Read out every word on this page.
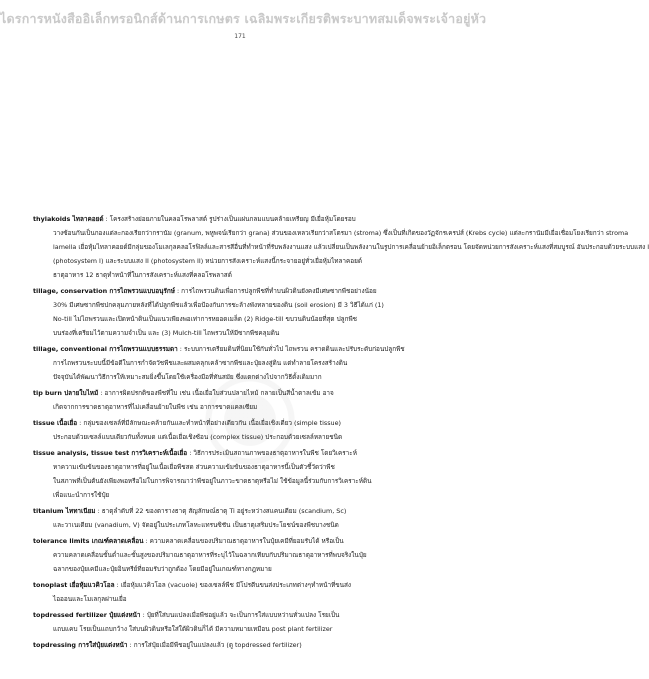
ไดรการหนังสืออิเล็กทรอนิกส์ด้านการเกษตร เฉลิมพระเกียรติพระบาทสมเด็จพระเจ้าอยู่หัว
171
thylakoids ไทลาคอยด์ : โครงสร้างย่อยภายในคลอโรพลาสต์ รูปร่างเป็นแผ่นกลมแบนคล้ายเหรียญ มีเยื่อหุ้มโดยรอบ
วางซ้อนกันเป็นกองแต่ละกองเรียกว่ากรานัม (granum, พหูพจน์เรียกว่า grana) ส่วนของเหลวเรียกว่าสโตรมา (stroma) ซึ่งเป็นที่เกิดของวัฏจักรเครปส์ (Krebs cycle) แต่ละกรานัมมีเยื่อเชื่อมโยงเรียกว่า stroma
lamella เยื่อหุ้มไทลาคอยด์มีกลุ่มของโมเลกุลคลอโรฟิลล์และสารสีอื่นที่ทำหน้าที่รับพลังงานแสง แล้วเปลี่ยนเป็นพลังงานในรูปการเคลื่อนย้ายอิเล็กตรอน โดยจัดหน่วยการสังเคราะห์แสงที่สมบูรณ์ อันประกอบด้วยระบบแสง I
(photosystem I) และระบบแสง II (photosystem II) หน่วยการสังเคราะห์แสงนี้กระจายอยู่ทั่วเยื่อหุ้มไทลาคอยด์
ธาตุอาหาร 12 ธาตุทำหน้าที่ในการสังเคราะห์แสงที่คลอโรพลาสต์
tillage, conservation การไถพรวนแบบอนุรักษ์ : การไถพรวนดินเพื่อการปลูกพืชที่ทำบนผิวดินยังคงมีเศษซากพืชอย่างน้อย
30% มีเศษซากพืชปกคลุมภายหลังที่ได้ปลูกพืชแล้วเพื่อป้องกันการชะล้างพังทลายของดิน (soil erosion) มี 3 วิธีได้แก่ (1)
No-till ไม่ไถพรวนและเปิดหน้าดินเป็นแนวเพียงพอเท่าการหยอดเมล็ด (2) Ridge-till ขบวนดินน้อยที่สุด ปลูกพืช
บนร่องที่เตรียมไว้ตามความจำเป็น และ (3) Mulch-till ไถพรวนให้มีซากพืชคลุมดิน
tillage, conventional การไถพรวนแบบธรรมดา : ระบบการเตรียมดินที่นิยมใช้กันทั่วไป ไถพรวน คราดดินและปรับระดับก่อนปลูกพืช
การไถพรวนระบบนี้มีข้อดีในการกำจัดวัชพืชและผสมคลุกเคล้าซากพืชและปุ๋ยลงสู่ดิน แต่ทำลายโครงสร้างดิน
ปัจจุบันได้พัฒนาวิธีการให้เหมาะสมยิ่งขึ้นโดยใช้เครื่องมือที่ทันสมัย ซึ่งแตกต่างไปจากวิธีดั้งเดิมมาก
tip burn ปลายใบไหม้ : อาการผิดปรกติของพืชที่ใบ เช่น เนื้อเยื่อใบส่วนปลายไหม้ กลายเป็นสีน้ำตาลเข้ม อาจ
เกิดจากการขาดธาตุอาหารที่ไม่เคลื่อนย้ายในพืช เช่น อาการขาดแคลเซียม
tissue เนื้อเยื่อ : กลุ่มของเซลล์ที่มีลักษณะคล้ายกันและทำหน้าที่อย่างเดียวกัน เนื้อเยื่อเชิงเดี่ยว (simple tissue)
ประกอบด้วยเซลล์แบบเดียวกันทั้งหมด แต่เนื้อเยื่อเชิงซ้อน (complex tissue) ประกอบด้วยเซลล์หลายชนิด
tissue analysis, tissue test การวิเคราะห์เนื้อเยื่อ : วิธีการประเมินสถานภาพของธาตุอาหารในพืช โดยวิเคราะห์
หาความเข้มข้นของธาตุอาหารที่อยู่ในเนื้อเยื่อพืชสด ส่วนความเข้มข้นของธาตุอาหารนี้เป็นตัวชี้วัดว่าพืช
ในสภาพที่เป็นต้นยังเพียงพอหรือไม่ในการพิจารณาว่าพืชอยู่ในภาวะขาดธาตุหรือไม่ ใช้ข้อมูลนี้ร่วมกับการวิเคราะห์ดิน
เพื่อแนะนำการใช้ปุ๋ย
titanium ไททาเนียม : ธาตุลำดับที่ 22 ของตารางธาตุ สัญลักษณ์ธาตุ Ti อยู่ระหว่างสแคนเดียม (scandium, Sc)
และวาเนเดียม (vanadium, V) จัดอยู่ในประเภทโลหะแทรนซิชัน เป็นธาตุเสริมประโยชน์ของพืชบางชนิด
tolerance limits เกณฑ์คลาดเคลื่อน : ความคลาดเคลื่อนของปริมาณธาตุอาหารในปุ๋ยเคมีที่ยอมรับได้ หรือเป็น
ความคลาดเคลื่อนขั้นต่ำและขั้นสูงของปริมาณธาตุอาหารที่ระบุไว้ในฉลากเทียบกับปริมาณธาตุอาหารที่พบจริงในปุ๋ย
ฉลากของปุ๋ยเคมีและปุ๋ยอินทรีย์ที่ยอมรับว่าถูกต้อง โดยมีอยู่ในเกณฑ์ทางกฎหมาย
tonoplast เยื่อหุ้มแวคิวโอล : เยื่อหุ้มแวคิวโอล (vacuole) ของเซลล์พืช มีโปรตีนขนส่งประเภทต่างๆทำหน้าที่ขนส่ง
ไอออนและโมเลกุลผ่านเยื่อ
topdressed fertilizer ปุ๋ยแต่งหน้า : ปุ๋ยที่ใส่บนแปลงเมื่อพืชอยู่แล้ว จะเป็นการใส่แบบหว่านทั่วแปลง โรยเป็น
แถบแคบ โรยเป็นแถบกว้าง ใส่บนผิวดินหรือใส่ใต้ผิวดินก็ได้ มีความหมายเหมือน post plant fertilizer
topdressing การใส่ปุ๋ยแต่งหน้า : การใส่ปุ๋ยเมื่อมีพืชอยู่ในแปลงแล้ว (ดู topdressed fertilizer)
